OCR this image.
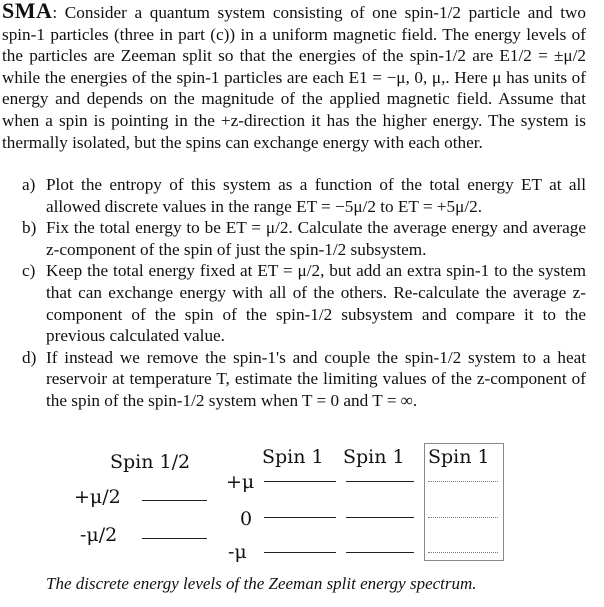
SMA: Consider a quantum system consisting of one spin-1/2 particle and two spin-1 particles (three in part (c)) in a uniform magnetic field. The energy levels of the particles are Zeeman split so that the energies of the spin-1/2 are E1/2 = ±μ/2 while the energies of the spin-1 particles are each E1 = −μ, 0, μ,. Here μ has units of energy and depends on the magnitude of the applied magnetic field. Assume that when a spin is pointing in the +z-direction it has the higher energy. The system is thermally isolated, but the spins can exchange energy with each other.
a) Plot the entropy of this system as a function of the total energy ET at all allowed discrete values in the range ET = −5μ/2 to ET = +5μ/2.
b) Fix the total energy to be ET = μ/2. Calculate the average energy and average z-component of the spin of just the spin-1/2 subsystem.
c) Keep the total energy fixed at ET = μ/2, but add an extra spin-1 to the system that can exchange energy with all of the others. Re-calculate the average z-component of the spin of the spin-1/2 subsystem and compare it to the previous calculated value.
d) If instead we remove the spin-1's and couple the spin-1/2 system to a heat reservoir at temperature T, estimate the limiting values of the z-component of the spin of the spin-1/2 system when T = 0 and T = ∞.
Spin 1/2
+μ/2
-μ/2
Spin 1 Spin 1 Spin 1
+μ
0
-μ
The discrete energy levels of the Zeeman split energy spectrum.
